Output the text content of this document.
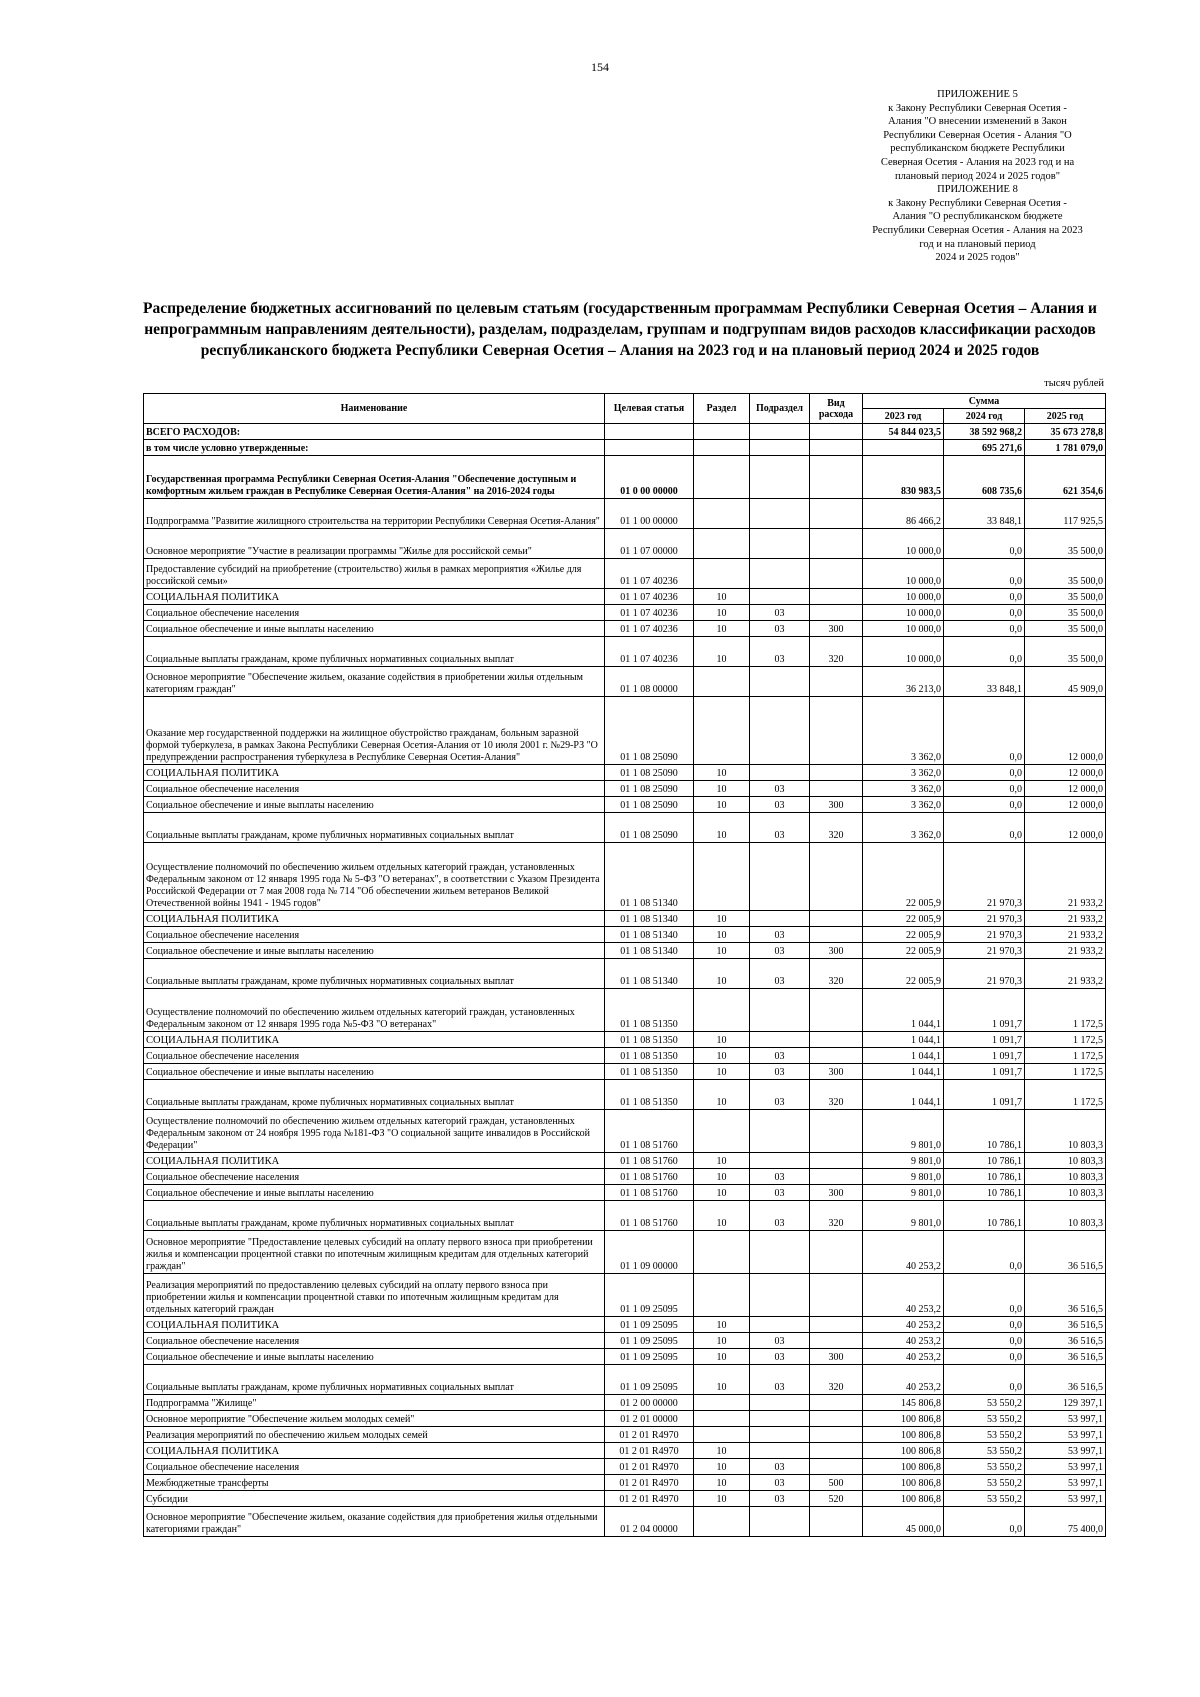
154
ПРИЛОЖЕНИЕ 5
к Закону Республики Северная Осетия -
Алания "О внесении изменений в Закон
Республики Северная Осетия - Алания "О
республиканском бюджете Республики
Северная Осетия - Алания на 2023 год и на
плановый период 2024 и 2025 годов"
ПРИЛОЖЕНИЕ 8
к Закону Республики Северная Осетия -
Алания "О республиканском бюджете
Республики Северная Осетия - Алания на 2023
год и на плановый период
2024 и 2025 годов"
Распределение бюджетных ассигнований по целевым статьям (государственным программам Республики Северная Осетия – Алания и непрограммным направлениям деятельности), разделам, подразделам, группам и подгруппам видов расходов классификации расходов республиканского бюджета Республики Северная Осетия – Алания на 2023 год и на плановый период 2024 и 2025 годов
тысяч рублей
Наименование	Целевая статья	Раздел	Подраздел	Вид расхода	Сумма		
					2023 год	2024 год	2025 год
ВСЕГО РАСХОДОВ:					54 844 023,5	38 592 968,2	35 673 278,8
в том числе условно утвержденные:						695 271,6	1 781 079,0
Государственная программа Республики Северная Осетия-Алания "Обеспечение доступным и комфортным жильем граждан в Республике Северная Осетия-Алания" на 2016-2024 годы	01 0 00 00000				830 983,5	608 735,6	621 354,6
Подпрограмма "Развитие жилищного строительства на территории Республики Северная Осетия-Алания"	01 1 00 00000				86 466,2	33 848,1	117 925,5
Основное мероприятие "Участие в реализации программы "Жилье для российской семьи"	01 1 07 00000				10 000,0	0,0	35 500,0
Предоставление субсидий на приобретение (строительство) жилья в рамках мероприятия «Жилье для российской семьи»	01 1 07 40236				10 000,0	0,0	35 500,0
СОЦИАЛЬНАЯ ПОЛИТИКА	01 1 07 40236	10			10 000,0	0,0	35 500,0
Социальное обеспечение населения	01 1 07 40236	10	03		10 000,0	0,0	35 500,0
Социальное обеспечение и иные выплаты населению	01 1 07 40236	10	03	300	10 000,0	0,0	35 500,0
Социальные выплаты гражданам, кроме публичных нормативных социальных выплат	01 1 07 40236	10	03	320	10 000,0	0,0	35 500,0
Основное мероприятие "Обеспечение жильем, оказание содействия в приобретении жилья отдельным категориям граждан"	01 1 08 00000				36 213,0	33 848,1	45 909,0
Оказание мер государственной поддержки на жилищное обустройство гражданам, больным заразной формой туберкулеза, в рамках Закона Республики Северная Осетия-Алания от 10 июля 2001 г. №29-РЗ "О предупреждении распространения туберкулеза в Республике Северная Осетия-Алания"	01 1 08 25090				3 362,0	0,0	12 000,0
СОЦИАЛЬНАЯ ПОЛИТИКА	01 1 08 25090	10			3 362,0	0,0	12 000,0
Социальное обеспечение населения	01 1 08 25090	10	03		3 362,0	0,0	12 000,0
Социальное обеспечение и иные выплаты населению	01 1 08 25090	10	03	300	3 362,0	0,0	12 000,0
Социальные выплаты гражданам, кроме публичных нормативных социальных выплат	01 1 08 25090	10	03	320	3 362,0	0,0	12 000,0
Осуществление полномочий по обеспечению жильем отдельных категорий граждан, установленных Федеральным законом от 12 января 1995 года № 5-ФЗ "О ветеранах", в соответствии с Указом Президента Российской Федерации от 7 мая 2008 года № 714 "Об обеспечении жильем ветеранов Великой Отечественной войны 1941 - 1945 годов"	01 1 08 51340				22 005,9	21 970,3	21 933,2
СОЦИАЛЬНАЯ ПОЛИТИКА	01 1 08 51340	10			22 005,9	21 970,3	21 933,2
Социальное обеспечение населения	01 1 08 51340	10	03		22 005,9	21 970,3	21 933,2
Социальное обеспечение и иные выплаты населению	01 1 08 51340	10	03	300	22 005,9	21 970,3	21 933,2
Социальные выплаты гражданам, кроме публичных нормативных социальных выплат	01 1 08 51340	10	03	320	22 005,9	21 970,3	21 933,2
Осуществление полномочий по обеспечению жильем отдельных категорий граждан, установленных Федеральным законом от 12 января 1995 года №5-ФЗ "О ветеранах"	01 1 08 51350				1 044,1	1 091,7	1 172,5
СОЦИАЛЬНАЯ ПОЛИТИКА	01 1 08 51350	10			1 044,1	1 091,7	1 172,5
Социальное обеспечение населения	01 1 08 51350	10	03		1 044,1	1 091,7	1 172,5
Социальное обеспечение и иные выплаты населению	01 1 08 51350	10	03	300	1 044,1	1 091,7	1 172,5
Социальные выплаты гражданам, кроме публичных нормативных социальных выплат	01 1 08 51350	10	03	320	1 044,1	1 091,7	1 172,5
Осуществление полномочий по обеспечению жильем отдельных категорий граждан, установленных Федеральным законом от 24 ноября 1995 года №181-ФЗ "О социальной защите инвалидов в Российской Федерации"	01 1 08 51760				9 801,0	10 786,1	10 803,3
СОЦИАЛЬНАЯ ПОЛИТИКА	01 1 08 51760	10			9 801,0	10 786,1	10 803,3
Социальное обеспечение населения	01 1 08 51760	10	03		9 801,0	10 786,1	10 803,3
Социальное обеспечение и иные выплаты населению	01 1 08 51760	10	03	300	9 801,0	10 786,1	10 803,3
Социальные выплаты гражданам, кроме публичных нормативных социальных выплат	01 1 08 51760	10	03	320	9 801,0	10 786,1	10 803,3
Основное мероприятие "Предоставление целевых субсидий на оплату первого взноса при приобретении жилья и компенсации процентной ставки по ипотечным жилищным кредитам для отдельных категорий граждан"	01 1 09 00000				40 253,2	0,0	36 516,5
Реализация мероприятий по предоставлению целевых субсидий на оплату первого взноса при приобретении жилья и компенсации процентной ставки по ипотечным жилищным кредитам для отдельных категорий граждан	01 1 09 25095				40 253,2	0,0	36 516,5
СОЦИАЛЬНАЯ ПОЛИТИКА	01 1 09 25095	10			40 253,2	0,0	36 516,5
Социальное обеспечение населения	01 1 09 25095	10	03		40 253,2	0,0	36 516,5
Социальное обеспечение и иные выплаты населению	01 1 09 25095	10	03	300	40 253,2	0,0	36 516,5
Социальные выплаты гражданам, кроме публичных нормативных социальных выплат	01 1 09 25095	10	03	320	40 253,2	0,0	36 516,5
Подпрограмма "Жилище"	01 2 00 00000				145 806,8	53 550,2	129 397,1
Основное мероприятие "Обеспечение жильем молодых семей"	01 2 01 00000				100 806,8	53 550,2	53 997,1
Реализация мероприятий по обеспечению жильем молодых семей	01 2 01 R4970				100 806,8	53 550,2	53 997,1
СОЦИАЛЬНАЯ ПОЛИТИКА	01 2 01 R4970	10			100 806,8	53 550,2	53 997,1
Социальное обеспечение населения	01 2 01 R4970	10	03		100 806,8	53 550,2	53 997,1
Межбюджетные трансферты	01 2 01 R4970	10	03	500	100 806,8	53 550,2	53 997,1
Субсидии	01 2 01 R4970	10	03	520	100 806,8	53 550,2	53 997,1
Основное мероприятие "Обеспечение жильем, оказание содействия для приобретения жилья отдельными категориями граждан"	01 2 04 00000				45 000,0	0,0	75 400,0
